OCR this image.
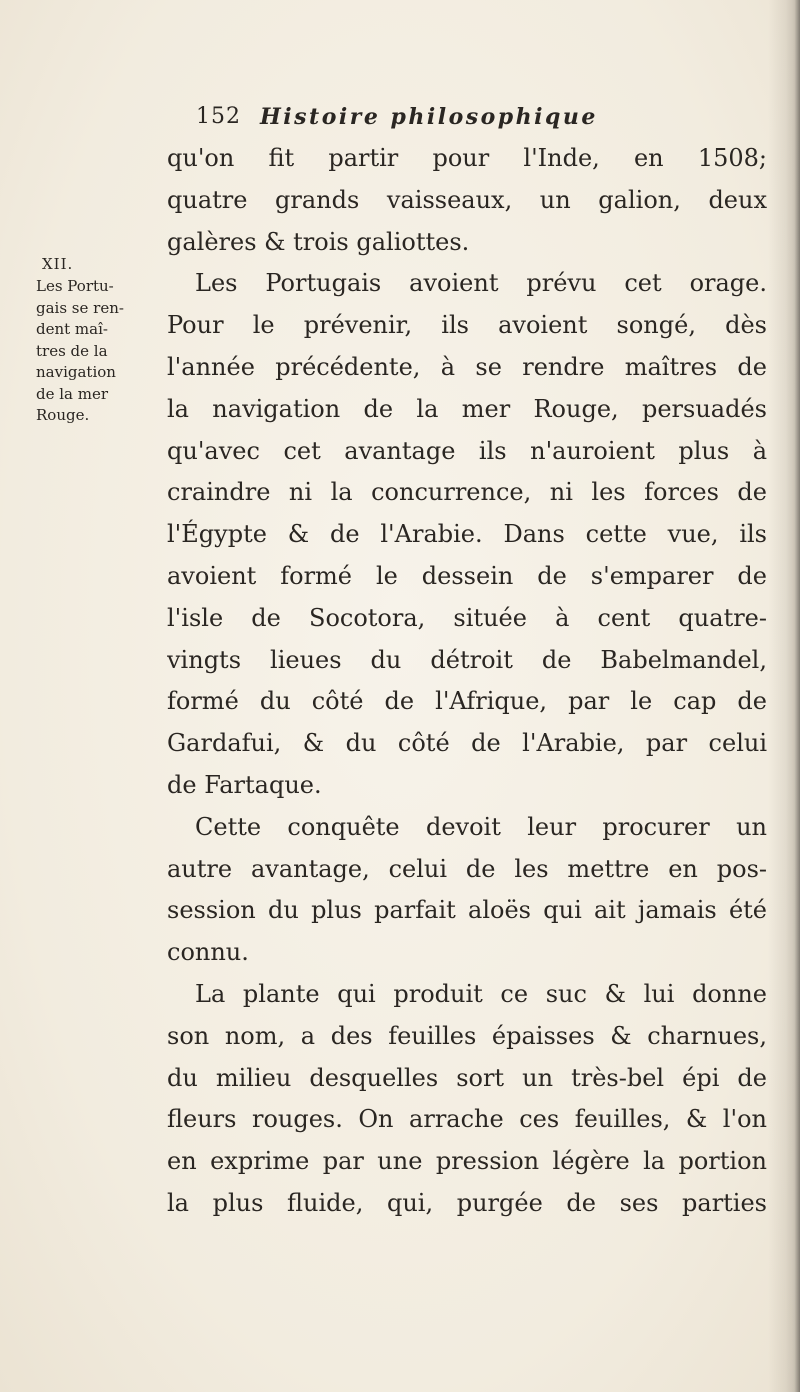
152 Histoire philosophique
XII.
Les Portu-
gais se ren-
dent maî-
tres de la
navigation
de la mer
Rouge.
qu'on fit partir pour l'Inde, en 1508;
quatre grands vaisseaux, un galion, deux
galères & trois galiottes.
Les Portugais avoient prévu cet orage.
Pour le prévenir, ils avoient songé, dès
l'année précédente, à se rendre maîtres de
la navigation de la mer Rouge, persuadés
qu'avec cet avantage ils n'auroient plus à
craindre ni la concurrence, ni les forces de
l'Égypte & de l'Arabie. Dans cette vue, ils
avoient formé le dessein de s'emparer de
l'isle de Socotora, située à cent quatre-
vingts lieues du détroit de Babelmandel,
formé du côté de l'Afrique, par le cap de
Gardafui, & du côté de l'Arabie, par celui
de Fartaque.
Cette conquête devoit leur procurer un
autre avantage, celui de les mettre en pos-
session du plus parfait aloës qui ait jamais été
connu.
La plante qui produit ce suc & lui donne
son nom, a des feuilles épaisses & charnues,
du milieu desquelles sort un très-bel épi de
fleurs rouges. On arrache ces feuilles, & l'on
en exprime par une pression légère la portion
la plus fluide, qui, purgée de ses parties
